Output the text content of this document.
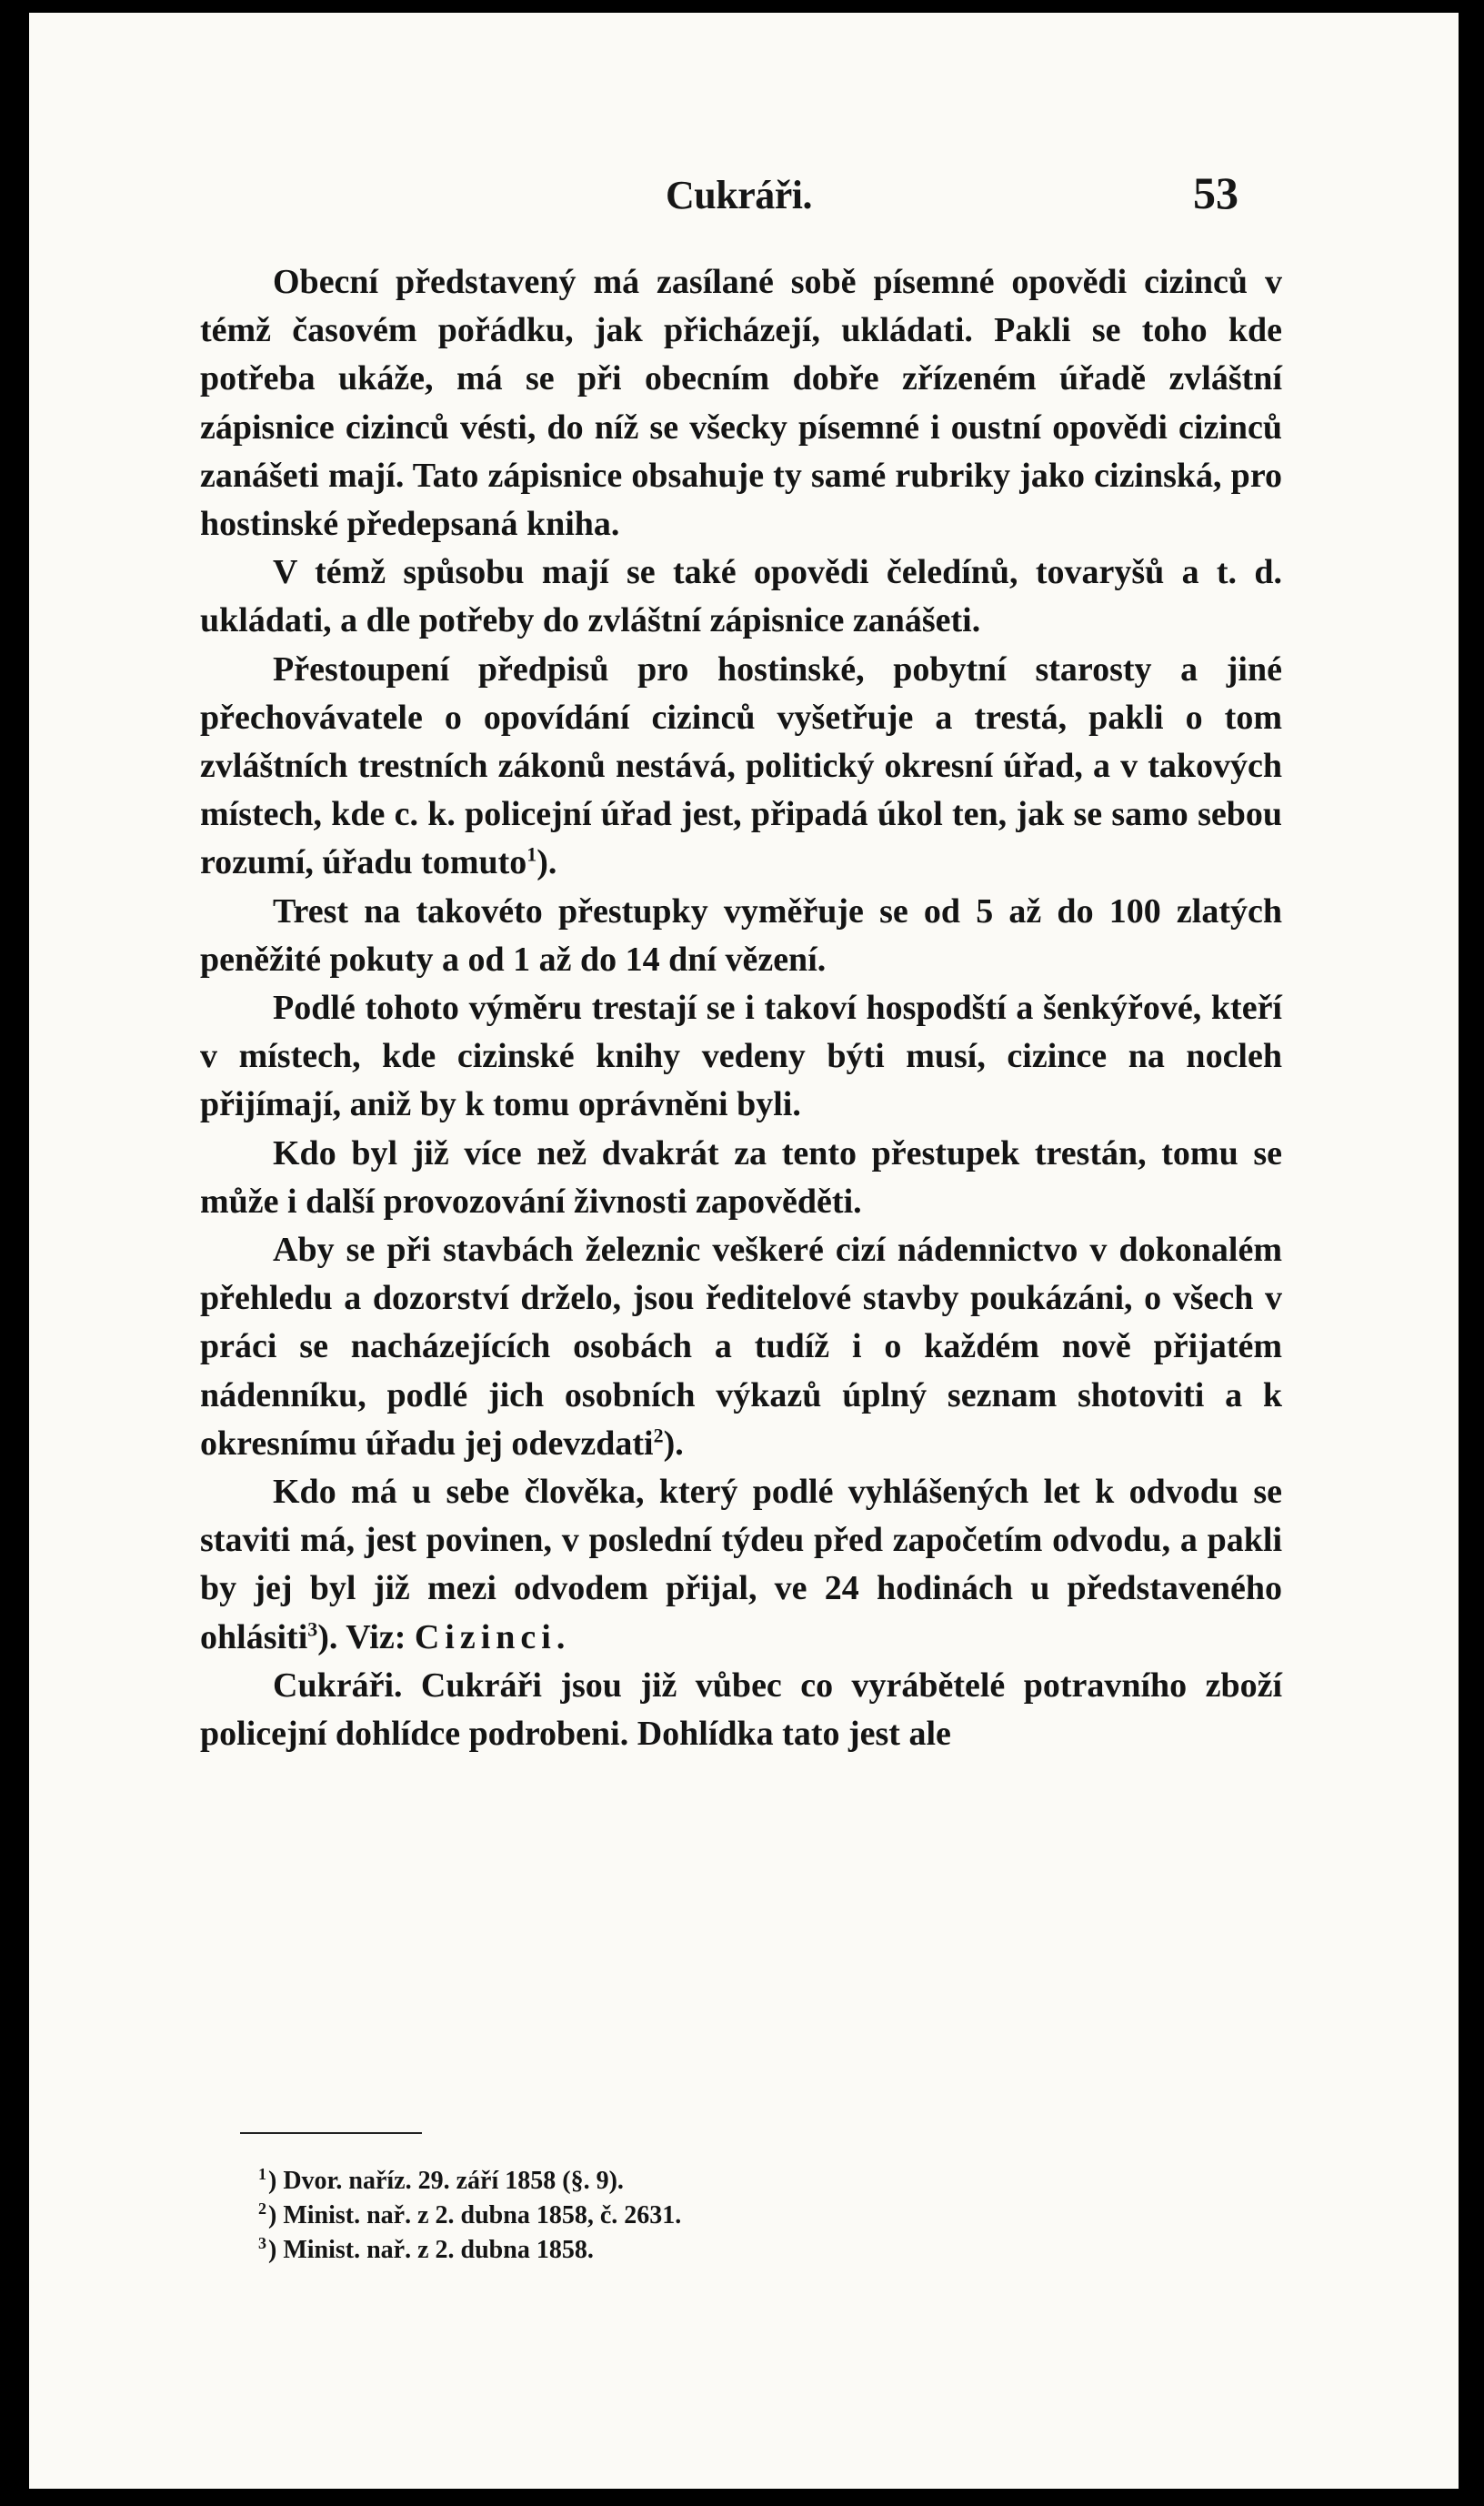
Cukráři.	53

Obecní představený má zasílané sobě písemné opovědi cizinců v témž časovém pořádku, jak přicházejí, ukládati. Pakli se toho kde potřeba ukáže, má se při obecním dobře zřízeném úřadě zvláštní zápisnice cizinců vésti, do níž se všecky písemné i oustní opovědi cizinců zanášeti mají. Tato zápisnice obsahuje ty samé rubriky jako cizinská, pro hostinské předepsaná kniha.

V témž spůsobu mají se také opovědi čeledínů, tovaryšů a t. d. ukládati, a dle potřeby do zvláštní zápisnice zanášeti.

Přestoupení předpisů pro hostinské, pobytní starosty a jiné přechovávatele o opovídání cizinců vyšetřuje a trestá, pakli o tom zvláštních trestních zákonů nestává, politický okresní úřad, a v takových místech, kde c. k. policejní úřad jest, připadá úkol ten, jak se samo sebou rozumí, úřadu tomuto$^1$).

Trest na takovéto přestupky vyměřuje se od 5 až do 100 zlatých peněžité pokuty a od 1 až do 14 dní vězení.

Podlé tohoto výměru trestají se i takoví hospodští a šenkýřové, kteří v místech, kde cizinské knihy vedeny býti musí, cizince na nocleh přijímají, aniž by k tomu oprávněni byli.

Kdo byl již více než dvakrát za tento přestupek trestán, tomu se může i další provozování živnosti zapověděti.

Aby se při stavbách železnic veškeré cizí nádennictvo v dokonalém přehledu a dozorství drželo, jsou ředitelové stavby poukázáni, o všech v práci se nacházejících osobách a tudíž i o každém nově přijatém nádenníku, podlé jich osobních výkazů úplný seznam shotoviti a k okresnímu úřadu jej odevzdati$^2$).

Kdo má u sebe člověka, který podlé vyhlášených let k odvodu se staviti má, jest povinen, v poslední týdeu před započetím odvodu, a pakli by jej byl již mezi odvodem přijal, ve 24 hodinách u představeného ohlásiti$^3$). Viz: Cizinci.

Cukráři. Cukráři jsou již vůbec co vyrábětelé potravního zboží policejní dohlídce podrobeni. Dohlídka tato jest ale

$^1$) Dvor. naříz. 29. září 1858 (§. 9).

$^2$) Minist. nař. z 2. dubna 1858, č. 2631.

$^3$) Minist. nař. z 2. dubna 1858.
